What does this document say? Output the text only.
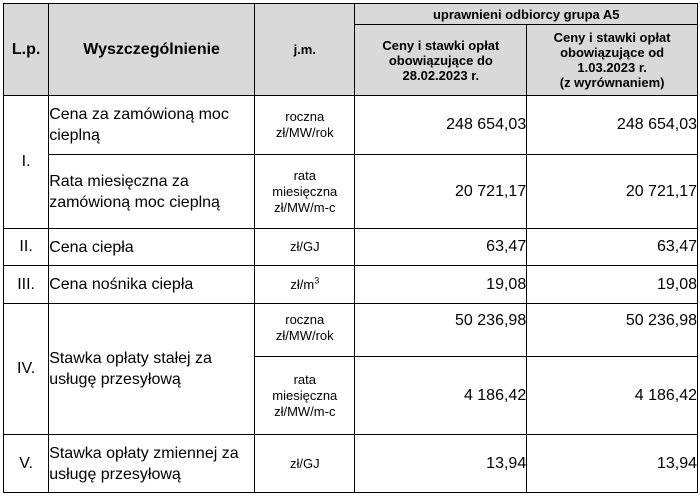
L.p.	Wyszczególnienie	j.m.	uprawnieni odbiorcy grupa A5	
			Ceny i stawki opłat obowiązujące do 28.02.2023 r.	Ceny i stawki opłat obowiązujące od 1.03.2023 r.
(z wyrównaniem)

I.	Cena za zamówioną moc cieplną	roczna zł/MW/rok	248 654,03	248 654,03
	Rata miesięczna za zamówioną moc cieplną	rata miesięczna zł/MW/m-c	20 721,17	20 721,17
II.	Cena ciepła	zł/GJ	63,47	63,47
III.	Cena nośnika ciepła	$zł/m^3$	19,08	19,08
IV.	Stawka opłaty stałej za usługę przesyłową	roczna zł/MW/rok	50 236,98	50 236,98
		rata miesięczna zł/MW/m-c	4 186,42	4 186,42
V.	Stawka opłaty zmiennej za usługę przesyłową	zł/GJ	13,94	13,94
